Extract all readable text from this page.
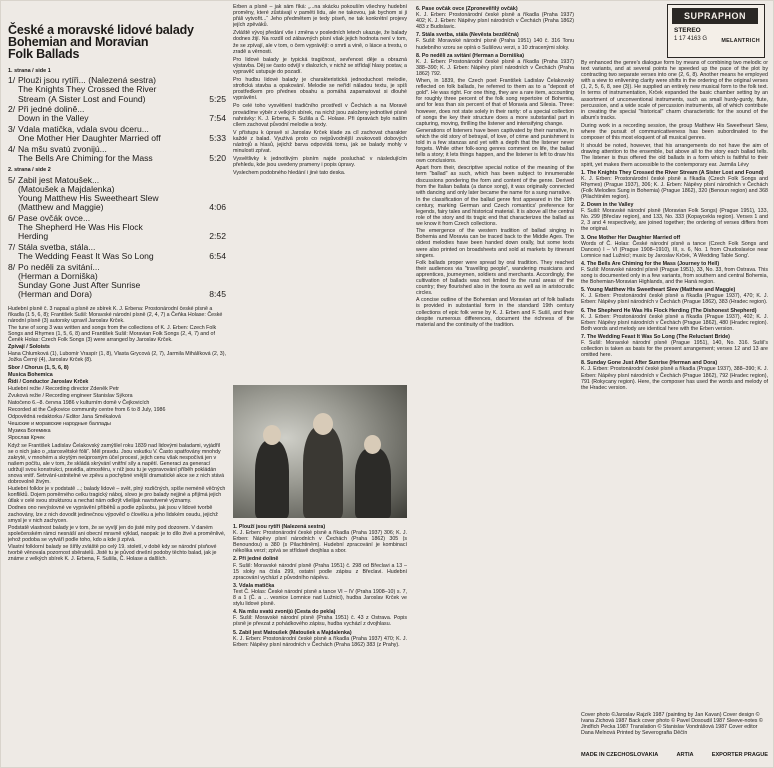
České a moravské lidové balady
Bohemian and Moravian
Folk Ballads
1. strana / side 1
1/ Plouži jsou rytíři... (Nalezená sestra)
The Knights They Crossed the River
Stream (A Sister Lost and Found)	5:25
2/ Při jedné dolině...
Down in the Valley	7:54
3/ Vdala matička, vdala svou dceru...
One Mother Her Daughter Married off	5:33
4/ Na mšu svatú zvonijú...
The Bells Are Chiming for the Mass	5:20
2. strana / side 2
5/ Zabil jest Matoušek...
(Matoušek a Majdalenka)
Young Matthew His Sweetheart Slew
(Matthew and Maggie)	4:06
6/ Pase ovčák ovce...
The Shepherd He Was His Flock
Herding	2:52
7/ Stála svetba, stála...
The Wedding Feast It Was So Long	6:54
8/ Po neděli za svitání...
(Herman a Dorniška)
Sunday Gone Just After Sunrise
(Herman and Dora)	8:45

Hudební písně č. 3 napsal a písně ze sbírek K. J. Erbena: Prostonárodní české písně a říkadla (1 5, 6, 8); František Sušil: Moravské národní písně (2, 4, 7) a Čeňka Holase: České národní písně (3) autorsky upravil Jaroslav Krček.

The tune of song 3 was written and songs from the collections of K. J. Erben: Czech Folk Songs and Rhymes (1, 5, 6, 8) and František Sušil: Moravian Folk Songs (2, 4, 7) and of Čeněk Holas: Czech Folk Songs (3) were arranged by Jaroslav Krček.

Zpívají / Soloists

Hana Chlumková (1), Lubomír Vraspír (1, 8), Vlasta Grycová (2, 7), Jarmila Mihálíková (2, 3), Jožka Černý (4), Jaroslav Krček (8).

Sbor / Chorus (1, 5, 6, 8)

Musica Bohemica

Řídí / Conductor Jaroslav Krček

Hudební režie / Recording director Zdeněk Petr

Zvuková režie / Recording engineer Stanislav Sýkora

Natočeno 6.–8. června 1986 v kulturním domě v Čejkovicích

Recorded at the Čejkovice community centre from 6 to 8 July, 1986

Odpovědná redaktorka / Editor Jana Smékalová

Чешские и моравские народные баллады

Музика Богемика

Ярослав Крчек

Když se František Ladislav Čelakovský zamýšlel roku 1839 nad lidovými baladami, vyjádřil se o nich jako o „starosvětské fólii“. Měl pravdu. Jsou vskutku V. Často spatřovány mnohdy zakryté, v mnohém a skrytým neúprosným účel procesí, jejich cenu však nespočívá jen v našem počítu, ale v tom, že skládá skrývání vnitřní síly a napětí. Generaci za generací udržují svou konstrukci, pravidla, atmosféru, v níž jsou tu je vypravování příběh pokládán snova vnitř. Setrvání-ustnitelné ve zpěvu a pochybné vnější dramatické akce se z nich stává dobrovolně živým.

Hudební folklor je v podstatě ...; balady lidové – svět, plný rozličných, spíše neméně věčných konfliktů. Dojem poměrného celku tragický náboj, slovo je pro balady nejjiné a přijímá jejich útlak v celé svou strukturou a nechat nám odkrýt všelijak navrstvené významy.

Dodnes ono nevýslovné ve vyprávění příběhů a podle způsobu, jak jsou v lidové tvorbě zachovány, lze z nich dovodit jedinečnou výpověď o člověku a jeho lidském osudu, jejichž smysl je v nich zachycen.

Podstatě vlastnost balady je v tom, že se vyvíjí jen do jisté míry pod dozorem. V daném společenském rámci nesnáší ani obecní mravně výklad, naopak: je to dílo živé a proměnlivé, jehož podoba se vytváří podle toho, kdo a kde ji zpívá.

Vlastní folklorní balady se šířily zvláště po celý 19. století, v době kdy se národní písňové tvorbě věnovala pozornost sběratelů. Jistě tu je původ dnešní podoby těchto balad, jak je známe z velkých sbírek K. J. Erbena, F. Sušila, Č. Holase a dalších.

Erben a písně – jak sám říká: „...na skácku pokouším všechny hudební proměny, které zůstávají v paměti lidu, ale ne takovou, jak bychom si ji přáli vytvořit...“ Jeho předmětem je tedy píseň, ne tak konkrétní projevy jejích zpěváků.

Zvláště vývoj předání vše i změna v posledních letech ukazuje, že balady dodnes žijí. Na rozdíl od zábavných písní však jejich hodnota není v tom, že se zpívají, ale v tom, o čem vyprávějí: o smrti a vině, o lásce a trestu, o zradě a věrnosti.

Pro lidové balady je typická tragičnost, sevřenost děje a obrazná výstavba. Děj se často odvíjí v dialozích, v nichž se střídají hlasy postav, a vypravěč ustupuje do pozadí.

Pro hudbu lidové balady je charakteristická jednoduchost melodie, strofická stavba a opakování. Melodie se neřídí náladou textu, je spíš prostředkem pro přednes obsahu a pomáhá zapamatovat si dlouhé vyprávění.

Po celé toho vysvětlení tradičního prostředí v Čechách a na Moravě provádíme výběr z velkých sbírek, na nichž jsou založeny jednotlivé písně nahrávky: K. J. Erbena, F. Sušila a Č. Holase. Při úpravách bylo naším cílem zachovat původní melodie a texty.

V přístupu k úpravě si Jaroslav Krček klade za cíl zachovat charakter každé z balad. Využívá proto co nejpůvodnější zvukovosti dobových nástrojů a hlasů, jejichž barva odpovídá tomu, jak se balady mohly v minulosti zpívat.

Vysvětlivky k jednotlivým písním najde posluchač v následujícím přehledu, kde jsou uvedeny prameny i popis úpravy.

Vyslechem podobného hledání i jiné tato deska.

1. Plouží jsou rytíři (Nalezená sestra)
K. J. Erben: Prostonárodní české písně a říkadla (Praha 1937) 306; K. J. Erben: Nápěvy písní národních v Čechách (Praha 1862) 305 (s Benoundou) a 380 (s Pilachtiněm). Hudební zpracování je kombinací několika verzí; zpívá se střídavě dvojhlas a sbor.
2. Při jedné dolině
F. Sušil: Moravské národní písně (Praha 1951) č. 298 od Břeclavi a 13 – 15 sloky na čísla 299, ostatní podle zápisu z Břeclavi. Hudební zpracování vychází z původního nápěvu.
3. Vdala matička
Text Č. Holas: České národní písně a tance VI – IV (Praha 1908–10) s. 7, 8 a 1 (Č. a ... vesnice Lomnice nad Lužnicí), hudba Jaroslav Krček ve stylu lidové písně.
4. Na mšu svatú zvonijú (Cesta do pekla)
F. Sušil: Moravské národní písně (Praha 1951) č. 43 z Ostrava. Popis písně je převzat z pohádkového zápisu, hudba vychází z dvojhlasu.
5. Zabil jest Matoušek (Matoušek a Majdalenka)
K. J. Erben: Prostonárodní české písně a říkadla (Praha 1937) 470; K. J. Erben: Nápěvy písní národních v Čechách (Praha 1862) 383 (z Prahy).
6. Pase ovčák ovce (Zpronevěřilý ovčák)
K. J. Erben: Prostonárodní české písně a říkadla (Praha 1937) 402; K. J. Erben: Nápěvy písní národních v Čechách (Praha 1862) 483 z Budislavic.
7. Stála svetba, stála (Nevěsta bezděčná)
F. Sušil: Moravské národní písně (Praha 1951) 140 č. 316 Tonu hudebního vzoru se opírá o Sušilovu verzi, s 10 ztracenými sloky.
8. Po neděli za svitání (Herman a Dorniška)
K. J. Erben: Prostonárodní české písně a říkadla (Praha 1937) 388–390; K. J. Erben: Nápěvy písní národních v Čechách (Praha 1862) 792.
When, in 1839, the Czech poet František Ladislav Čelakovský reflected on folk ballads, he referred to them as to a "deposit of gold". He was right. For one thing, they are a rare item, accounting for roughly three percent of the folk song repertoire of Bohemia, and for less than six percent of that of Moravia and Silesia. Three: however, does not state solely in their rarity: of a special collection of songs the key their structure does a more substantial part in capturing, moving, thrilling the listener and intensifying change.
Generations of listeners have been captivated by their narrative, in which the old story of betrayal, of love, of crime and punishment is told in a few stanzas and yet with a depth that the listener never forgets. While other folk-song genres comment on life, the ballad tells a story; it lets things happen, and the listener is left to draw his own conclusions.
Apart from their, descriptive special notice of the meaning of the term "ballad" as such, which has been subject to innumerable discussions pondering the form and content of the genre. Derived from the Italian ballata (a dance song), it was originally connected with dancing and only later became the name for a sung narrative.
In the classification of the ballad genre first appeared in the 19th century, marking German and Czech romantics' preference for legends, fairy tales and historical material. It is above all the central role of the story and its tragic end that characterizes the ballad as we know it from Czech collections.
The emergence of the western tradition of ballad singing in Bohemia and Moravia can be traced back to the Middle Ages. The oldest melodies have been handed down orally, but some texts were also printed on broadsheets and sold at markets by itinerant singers.
Folk ballads proper were spread by oral tradition. They reached their audiences via "travelling people", wandering musicians and apprentices, journeymen, soldiers and merchants. Accordingly, the cultivation of ballads was not limited to the rural areas of the country; they flourished also in the towns as well as in aristocratic circles.
A concise outline of the Bohemian and Moravian art of folk ballads is provided in substantial form in the standard 19th century collections of epic folk verse by K. J. Erben and F. Sušil, and their despite numerous differences, document the richness of the material and the continuity of the tradition.
SUPRAPHON
STEREO
1 17 4163 G	MELANTRICH

By enhanced the genre's dialogue form by means of combining two melodic or text variants, and at several points he speeded up the pace of the plot by contracting two separate verses into one (2, 6, 8). Another means he employed with a view to enlivening clarity were shifts in the ordering of the original verses (1, 2, 5, 6, 8, see (3)). He supplied an entirely new musical form to the folk text. In terms of instrumentation, Krček expanded the basic chamber setting by an assortment of unconventional instruments, such as small hurdy-gurdy, flute, percussion, and a wide scale of percussion instruments, all of which contribute in creating the special "historical" charm characteristic for the sound of the album's tracks.

During work in a recording session, the group Matthew His Sweetheart Slew, where the pursuit of communicativeness has been subordinated to the composer of this most eloquent of all musical genres.

It should be noted, however, that his arrangements do not have the aim of drawing attention to the ensemble, but above all to the story each ballad tells. The listener is thus offered the old ballads in a form which is faithful to their spirit, yet makes them accessible to the contemporary ear. Jarmila Lévy

1. The Knights They Crossed the River Stream (A Sister Lost and Found)
K. J. Erben: Prostonárodní české písně a říkadla (Czech Folk Songs and Rhymes) (Prague 1937), 306; K. J. Erben: Nápěvy písní národních v Čechách (Folk Melodies Sung in Bohemia) (Prague 1862), 320 (Benoun region) and 368 (Pilachtiněm region).
2. Down in the Valley
F. Sušil: Moravské národní písně (Moravian Folk Songs) (Prague 1951), 133, No. 299 (Břeclav region), and 133, No. 333 (Kopaycekla region). Verses 1 and 2, 3 and 4 respectively, are joined together; the ordering of verses differs from the original.
3. One Mother Her Daughter Married off
Words of Č. Holas: České národní písně a tance (Czech Folk Songs and Dances) I – VI (Prague 1908–1910), III, s. 6, No. 1 from Chudoslavice near Lomnice nad Lužnicí; music by Jaroslav Krček, 'A Wedding Table Song'.
4. The Bells Are Chiming for the Mass (Journey to Hell)
F. Sušil: Moravské národní písně (Prague 1951), 33, No. 33, from Ostrava. This song is documented only in a few variants, from southern and central Bohemia, the Bohemian-Moravian Highlands, and the Haná region.
5. Young Matthew His Sweetheart Slew (Matthew and Maggie)
K. J. Erben: Prostonárodní české písně a říkadla (Prague 1937), 470; K. J. Erben: Nápěvy písní národních v Čechách (Prague 1862), 383 (Hradec region).
6. The Shepherd He Was His Flock Herding (The Dishonest Shepherd)
K. J. Erben: Prostonárodní české písně a říkadla (Prague 1937), 402; K. J. Erben: Nápěvy písní národních v Čechách (Prague 1862), 480 (Hradec region). Both words and melody are identical here with the Erben version.
7. The Wedding Feast It Was So Long (The Reluctant Bride)
F. Sušil: Moravské národní písně (Prague 1951), 140, No. 316. Sušil's collection is taken as basis for the present arrangement; verses 12 and 13 are omitted here.
8. Sunday Gone Just After Sunrise (Herman and Dora)
K. J. Erben: Prostonárodní české písně a říkadla (Prague 1937), 388–390; K. J. Erben: Nápěvy písní národních v Čechách (Prague 1862), 792 (Hradec region), 791 (Rokycany region). Here, the composer has used the words and melody of the Hradec version.
Cover photo ©Jaroslav Rajzík 1987 (painting by Jan Kavan) Cover design © Ivana Zichová 1987 Back cover photo © Pavel Dosoudil 1987 Sleeve-notes © Jindřich Pecka 1987 Translation © Stanislav Vondrášová 1987 Cover editor Dana Melnová Printed by Severografia Děčín
MADE IN CZECHOSLOVAKIA	ARTIA	EXPORTER PRAGUE
